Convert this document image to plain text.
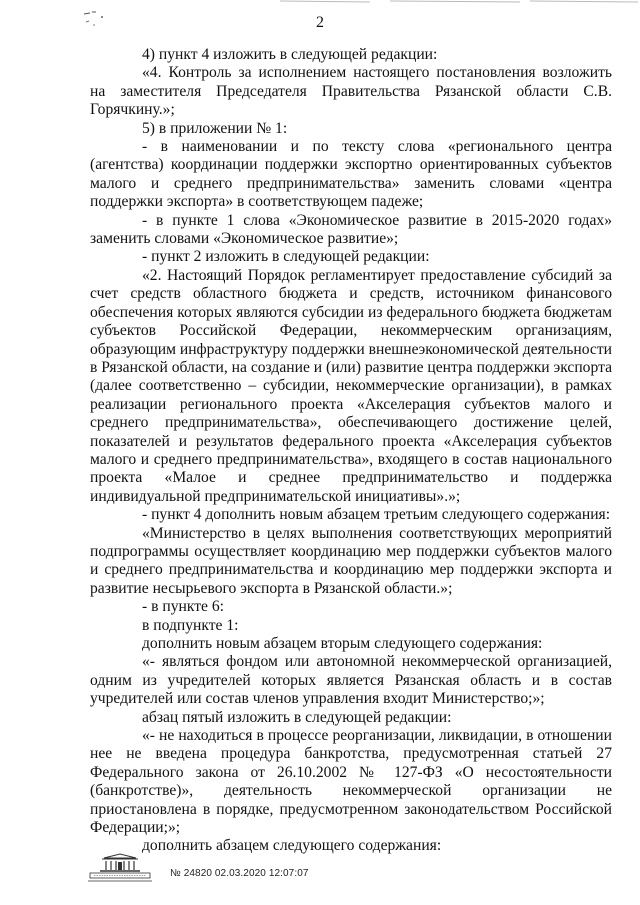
2

4) пункт 4 изложить в следующей редакции:

«4. Контроль за исполнением настоящего постановления возложить на заместителя Председателя Правительства Рязанской области С.В. Горячкину.»;

5) в приложении № 1:

- в наименовании и по тексту слова «регионального центра (агентства) координации поддержки экспортно ориентированных субъектов малого и среднего предпринимательства» заменить словами «центра поддержки экспорта» в соответствующем падеже;

- в пункте 1 слова «Экономическое развитие в 2015-2020 годах» заменить словами «Экономическое развитие»;

- пункт 2 изложить в следующей редакции:

«2. Настоящий Порядок регламентирует предоставление субсидий за счет средств областного бюджета и средств, источником финансового обеспечения которых являются субсидии из федерального бюджета бюджетам субъектов Российской Федерации, некоммерческим организациям, образующим инфраструктуру поддержки внешнеэкономической деятельности в Рязанской области, на создание и (или) развитие центра поддержки экспорта (далее соответственно – субсидии, некоммерческие организации), в рамках реализации регионального проекта «Акселерация субъектов малого и среднего предпринимательства», обеспечивающего достижение целей, показателей и результатов федерального проекта «Акселерация субъектов малого и среднего предпринимательства», входящего в состав национального проекта «Малое и среднее предпринимательство и поддержка индивидуальной предпринимательской инициативы».»;

- пункт 4 дополнить новым абзацем третьим следующего содержания:

«Министерство в целях выполнения соответствующих мероприятий подпрограммы осуществляет координацию мер поддержки субъектов малого и среднего предпринимательства и координацию мер поддержки экспорта и развитие несырьевого экспорта в Рязанской области.»;

- в пункте 6:

в подпункте 1:

дополнить новым абзацем вторым следующего содержания:

«- являться фондом или автономной некоммерческой организацией, одним из учредителей которых является Рязанская область и в состав учредителей или состав членов управления входит Министерство;»;

абзац пятый изложить в следующей редакции:

«- не находиться в процессе реорганизации, ликвидации, в отношении нее не введена процедура банкротства, предусмотренная статьей 27 Федерального закона от 26.10.2002 № 127-ФЗ «О несостоятельности (банкротстве)», деятельность некоммерческой организации не приостановлена в порядке, предусмотренном законодательством Российской Федерации;»;

дополнить абзацем следующего содержания:

№ 24820 02.03.2020 12:07:07
